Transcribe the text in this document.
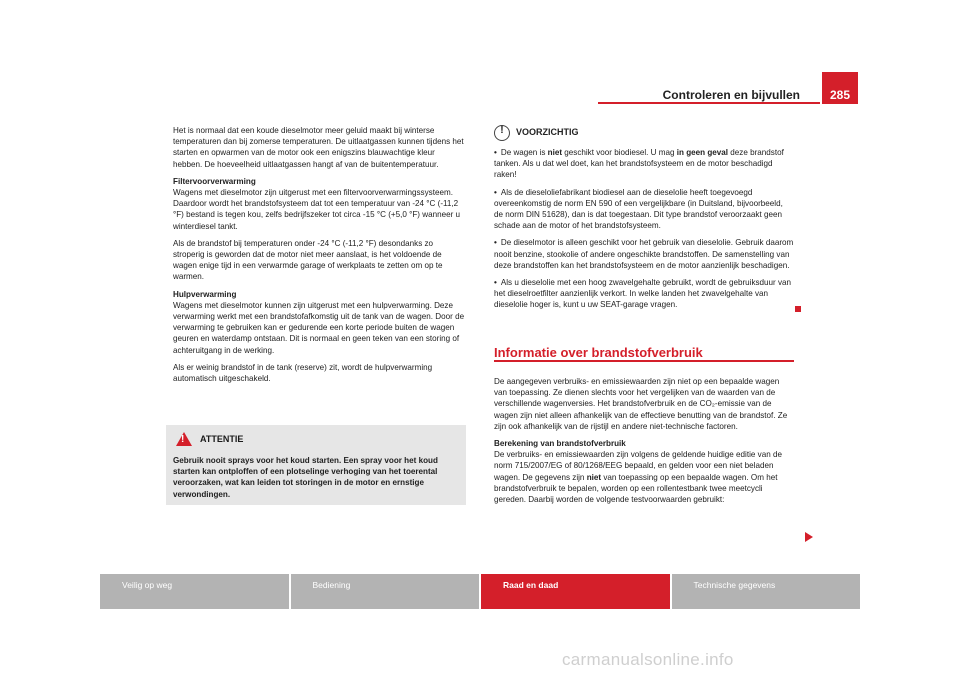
Controleren en bijvullen	285

Het is normaal dat een koude dieselmotor meer geluid maakt bij winterse temperaturen dan bij zomerse temperaturen. De uitlaatgassen kunnen tijdens het starten en opwarmen van de motor ook een enigszins blauwachtige kleur hebben. De hoeveelheid uitlaatgassen hangt af van de buitentemperatuur.

Filtervoorverwarming

Wagens met dieselmotor zijn uitgerust met een filtervoorverwarmingssysteem. Daardoor wordt het brandstofsysteem dat tot een temperatuur van -24 °C (-11,2 °F) bestand is tegen kou, zelfs bedrijfszeker tot circa -15 °C (+5,0 °F) wanneer u winterdiesel tankt.

Als de brandstof bij temperaturen onder -24 °C (-11,2 °F) desondanks zo stroperig is geworden dat de motor niet meer aanslaat, is het voldoende de wagen enige tijd in een verwarmde garage of werkplaats te zetten om op te warmen.

Hulpverwarming

Wagens met dieselmotor kunnen zijn uitgerust met een hulpverwarming. Deze verwarming werkt met een brandstofafkomstig uit de tank van de wagen. Door de verwarming te gebruiken kan er gedurende een korte periode buiten de wagen geuren en waterdamp ontstaan. Dit is normaal en geen teken van een storing of achteruitgang in de werking.

Als er weinig brandstof in de tank (reserve) zit, wordt de hulpverwarming automatisch uitgeschakeld.

!
ATTENTIE
Gebruik nooit sprays voor het koud starten. Een spray voor het koud starten kan ontploffen of een plotselinge verhoging van het toerental veroorzaken, wat kan leiden tot storingen in de motor en ernstige verwondingen.
!
VOORZICHTIG

• De wagen is niet geschikt voor biodiesel. U mag in geen geval deze brandstof tanken. Als u dat wel doet, kan het brandstofsysteem en de motor beschadigd raken!

• Als de dieseloliefabrikant biodiesel aan de dieselolie heeft toegevoegd overeenkomstig de norm EN 590 of een vergelijkbare (in Duitsland, bijvoorbeeld, de norm DIN 51628), dan is dat toegestaan. Dit type brandstof veroorzaakt geen schade aan de motor of het brandstofsysteem.

• De dieselmotor is alleen geschikt voor het gebruik van dieselolie. Gebruik daarom nooit benzine, stookolie of andere ongeschikte brandstoffen. De samenstelling van deze brandstoffen kan het brandstofsysteem en de motor aanzienlijk beschadigen.

• Als u dieselolie met een hoog zwavelgehalte gebruikt, wordt de gebruiksduur van het dieselroetfilter aanzienlijk verkort. In welke landen het zwavelgehalte van dieselolie hoger is, kunt u uw SEAT-garage vragen.

Informatie over brandstofverbruik

De aangegeven verbruiks- en emissiewaarden zijn niet op een bepaalde wagen van toepassing. Ze dienen slechts voor het vergelijken van de waarden van de verschillende wagenversies. Het brandstofverbruik en de CO₂-emissie van de wagen zijn niet alleen afhankelijk van de effectieve benutting van de brandstof. Ze zijn ook afhankelijk van de rijstijl en andere niet-technische factoren.

Berekening van brandstofverbruik

De verbruiks- en emissiewaarden zijn volgens de geldende huidige editie van de norm 715/2007/EG of 80/1268/EEG bepaald, en gelden voor een niet beladen wagen. De gegevens zijn niet van toepassing op een bepaalde wagen. Om het brandstofverbruik te bepalen, worden op een rollentestbank twee meetcycli gereden. Daarbij worden de volgende testvoorwaarden gebruikt:

Veilig op weg	Bediening	Raad en daad	Technische gegevens
carmanualsonline.info
